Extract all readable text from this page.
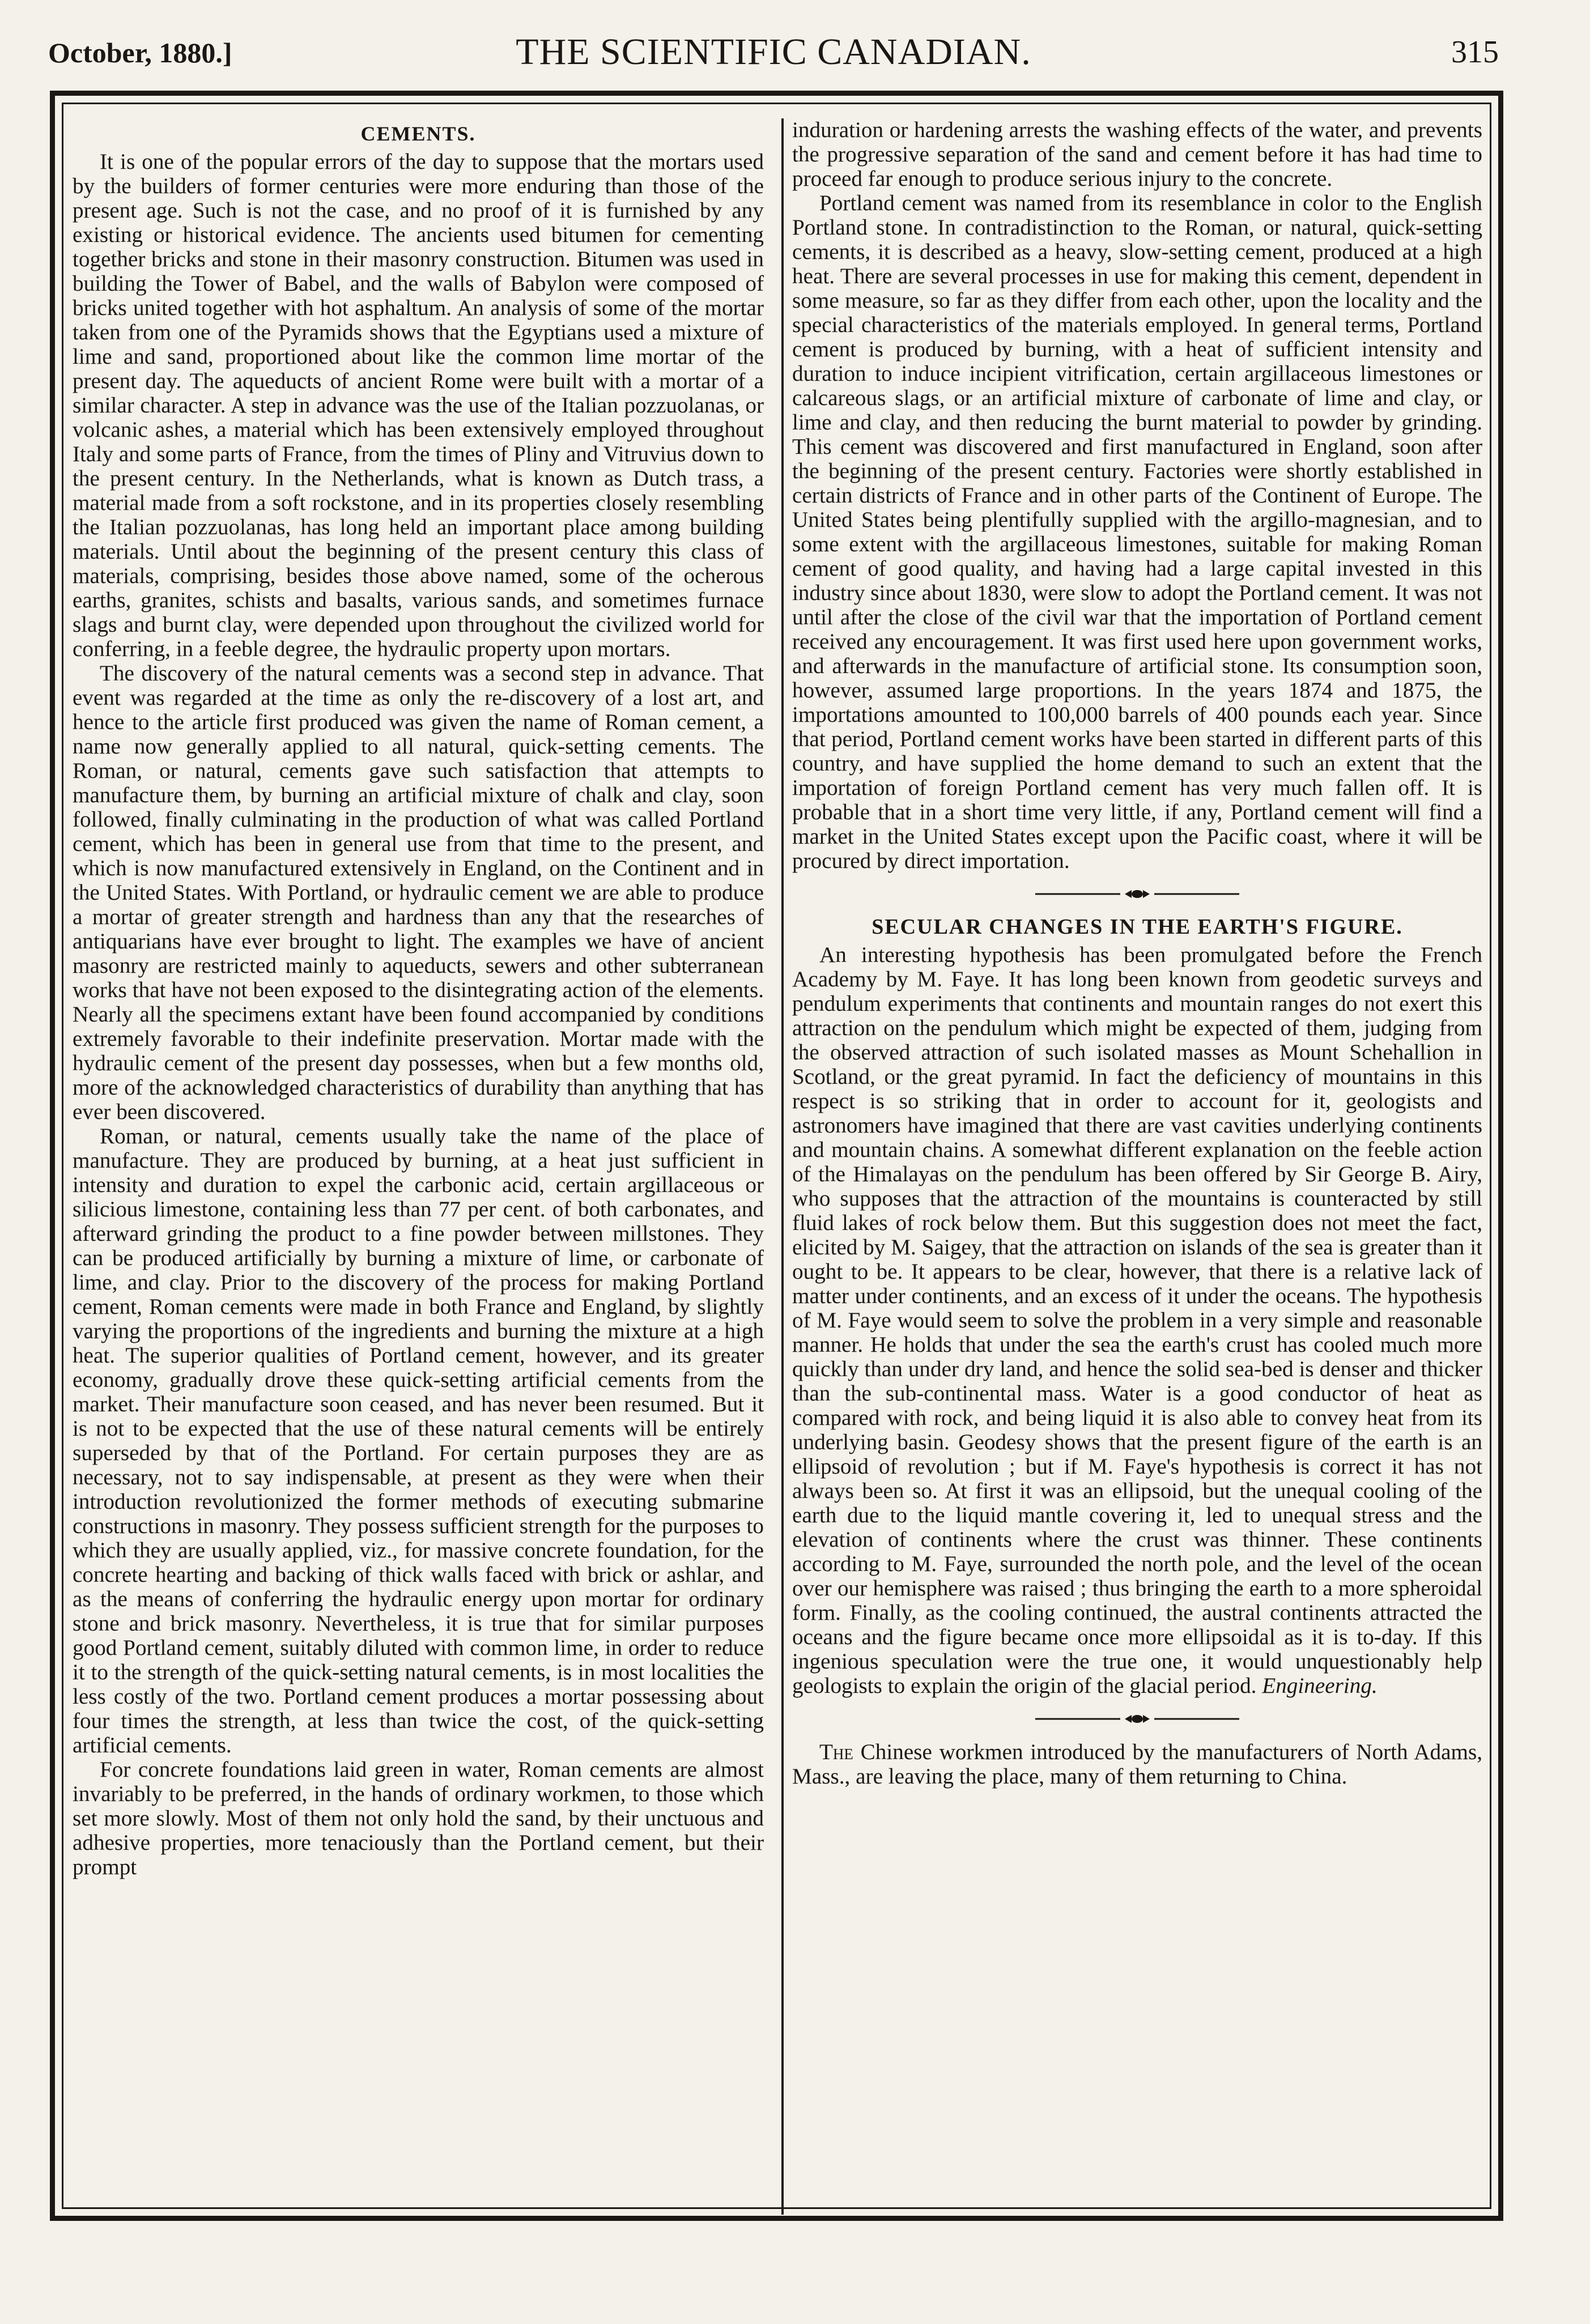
October, 1880.]	THE SCIENTIFIC CANADIAN.	315
CEMENTS.

It is one of the popular errors of the day to suppose that the mortars used by the builders of former centuries were more enduring than those of the present age. Such is not the case, and no proof of it is furnished by any existing or historical evidence. The ancients used bitumen for cementing together bricks and stone in their masonry construction. Bitumen was used in building the Tower of Babel, and the walls of Babylon were composed of bricks united together with hot asphaltum. An analysis of some of the mortar taken from one of the Pyramids shows that the Egyptians used a mixture of lime and sand, proportioned about like the common lime mortar of the present day. The aqueducts of ancient Rome were built with a mortar of a similar character. A step in advance was the use of the Italian pozzuolanas, or volcanic ashes, a material which has been extensively employed throughout Italy and some parts of France, from the times of Pliny and Vitruvius down to the present century. In the Netherlands, what is known as Dutch trass, a material made from a soft rockstone, and in its properties closely resembling the Italian pozzuolanas, has long held an important place among building materials. Until about the beginning of the present century this class of materials, comprising, besides those above named, some of the ocherous earths, granites, schists and basalts, various sands, and sometimes furnace slags and burnt clay, were depended upon throughout the civilized world for conferring, in a feeble degree, the hydraulic property upon mortars.

The discovery of the natural cements was a second step in advance. That event was regarded at the time as only the re-discovery of a lost art, and hence to the article first produced was given the name of Roman cement, a name now generally applied to all natural, quick-setting cements. The Roman, or natural, cements gave such satisfaction that attempts to manufacture them, by burning an artificial mixture of chalk and clay, soon followed, finally culminating in the production of what was called Portland cement, which has been in general use from that time to the present, and which is now manufactured extensively in England, on the Continent and in the United States. With Portland, or hydraulic cement we are able to produce a mortar of greater strength and hardness than any that the researches of antiquarians have ever brought to light. The examples we have of ancient masonry are restricted mainly to aqueducts, sewers and other subterranean works that have not been exposed to the disintegrating action of the elements. Nearly all the specimens extant have been found accompanied by conditions extremely favorable to their indefinite preservation. Mortar made with the hydraulic cement of the present day possesses, when but a few months old, more of the acknowledged characteristics of durability than anything that has ever been discovered.

Roman, or natural, cements usually take the name of the place of manufacture. They are produced by burning, at a heat just sufficient in intensity and duration to expel the carbonic acid, certain argillaceous or silicious limestone, containing less than 77 per cent. of both carbonates, and afterward grinding the product to a fine powder between millstones. They can be produced artificially by burning a mixture of lime, or carbonate of lime, and clay. Prior to the discovery of the process for making Portland cement, Roman cements were made in both France and England, by slightly varying the proportions of the ingredients and burning the mixture at a high heat. The superior qualities of Portland cement, however, and its greater economy, gradually drove these quick-setting artificial cements from the market. Their manufacture soon ceased, and has never been resumed. But it is not to be expected that the use of these natural cements will be entirely superseded by that of the Portland. For certain purposes they are as necessary, not to say indispensable, at present as they were when their introduction revolutionized the former methods of executing submarine constructions in masonry. They possess sufficient strength for the purposes to which they are usually applied, viz., for massive concrete foundation, for the concrete hearting and backing of thick walls faced with brick or ashlar, and as the means of conferring the hydraulic energy upon mortar for ordinary stone and brick masonry. Nevertheless, it is true that for similar purposes good Portland cement, suitably diluted with common lime, in order to reduce it to the strength of the quick-setting natural cements, is in most localities the less costly of the two. Portland cement produces a mortar possessing about four times the strength, at less than twice the cost, of the quick-setting artificial cements.

For concrete foundations laid green in water, Roman cements are almost invariably to be preferred, in the hands of ordinary workmen, to those which set more slowly. Most of them not only hold the sand, by their unctuous and adhesive properties, more tenaciously than the Portland cement, but their prompt

induration or hardening arrests the washing effects of the water, and prevents the progressive separation of the sand and cement before it has had time to proceed far enough to produce serious injury to the concrete.

Portland cement was named from its resemblance in color to the English Portland stone. In contradistinction to the Roman, or natural, quick-setting cements, it is described as a heavy, slow-setting cement, produced at a high heat. There are several processes in use for making this cement, dependent in some measure, so far as they differ from each other, upon the locality and the special characteristics of the materials employed. In general terms, Portland cement is produced by burning, with a heat of sufficient intensity and duration to induce incipient vitrification, certain argillaceous limestones or calcareous slags, or an artificial mixture of carbonate of lime and clay, or lime and clay, and then reducing the burnt material to powder by grinding. This cement was discovered and first manufactured in England, soon after the beginning of the present century. Factories were shortly established in certain districts of France and in other parts of the Continent of Europe. The United States being plentifully supplied with the argillo-magnesian, and to some extent with the argillaceous limestones, suitable for making Roman cement of good quality, and having had a large capital invested in this industry since about 1830, were slow to adopt the Portland cement. It was not until after the close of the civil war that the importation of Portland cement received any encouragement. It was first used here upon government works, and afterwards in the manufacture of artificial stone. Its consumption soon, however, assumed large proportions. In the years 1874 and 1875, the importations amounted to 100,000 barrels of 400 pounds each year. Since that period, Portland cement works have been started in different parts of this country, and have supplied the home demand to such an extent that the importation of foreign Portland cement has very much fallen off. It is probable that in a short time very little, if any, Portland cement will find a market in the United States except upon the Pacific coast, where it will be procured by direct importation.

SECULAR CHANGES IN THE EARTH'S FIGURE.

An interesting hypothesis has been promulgated before the French Academy by M. Faye. It has long been known from geodetic surveys and pendulum experiments that continents and mountain ranges do not exert this attraction on the pendulum which might be expected of them, judging from the observed attraction of such isolated masses as Mount Schehallion in Scotland, or the great pyramid. In fact the deficiency of mountains in this respect is so striking that in order to account for it, geologists and astronomers have imagined that there are vast cavities underlying continents and mountain chains. A somewhat different explanation on the feeble action of the Himalayas on the pendulum has been offered by Sir George B. Airy, who supposes that the attraction of the mountains is counteracted by still fluid lakes of rock below them. But this suggestion does not meet the fact, elicited by M. Saigey, that the attraction on islands of the sea is greater than it ought to be. It appears to be clear, however, that there is a relative lack of matter under continents, and an excess of it under the oceans. The hypothesis of M. Faye would seem to solve the problem in a very simple and reasonable manner. He holds that under the sea the earth's crust has cooled much more quickly than under dry land, and hence the solid sea-bed is denser and thicker than the sub-continental mass. Water is a good conductor of heat as compared with rock, and being liquid it is also able to convey heat from its underlying basin. Geodesy shows that the present figure of the earth is an ellipsoid of revolution ; but if M. Faye's hypothesis is correct it has not always been so. At first it was an ellipsoid, but the unequal cooling of the earth due to the liquid mantle covering it, led to unequal stress and the elevation of continents where the crust was thinner. These continents according to M. Faye, surrounded the north pole, and the level of the ocean over our hemisphere was raised ; thus bringing the earth to a more spheroidal form. Finally, as the cooling continued, the austral continents attracted the oceans and the figure became once more ellipsoidal as it is to-day. If this ingenious speculation were the true one, it would unquestionably help geologists to explain the origin of the glacial period. Engineering.

The Chinese workmen introduced by the manufacturers of North Adams, Mass., are leaving the place, many of them returning to China.
